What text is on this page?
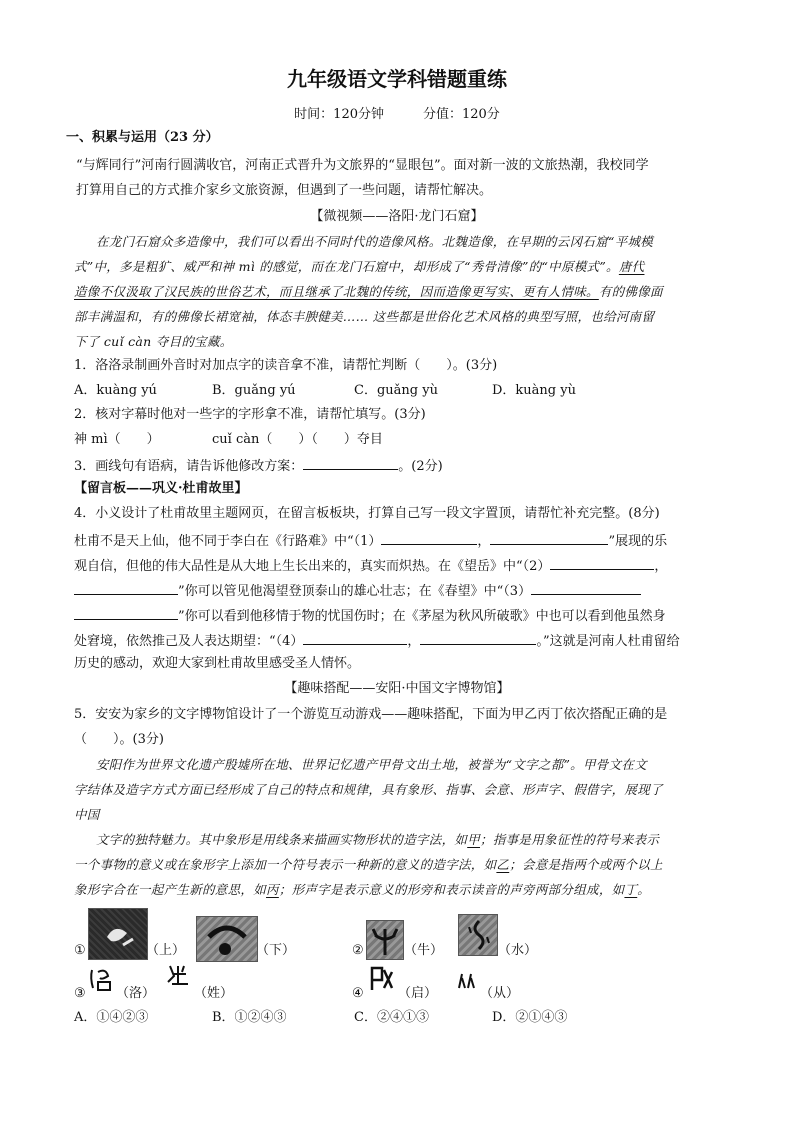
九年级语文学科错题重练
时间：120分钟　　　分值：120分
一、积累与运用（23 分）
“与辉同行”河南行圆满收官，河南正式晋升为文旅界的“显眼包”。面对新一波的文旅热潮，我校同学
打算用自己的方式推介家乡文旅资源，但遇到了一些问题，请帮忙解决。
【微视频——洛阳·龙门石窟】
在龙门石窟众多造像中，我们可以看出不同时代的造像风格。北魏造像，在早期的云冈石窟“平城模
式”中，多是粗犷、威严和神 mì 的感觉，而在龙门石窟中，却形成了“秀骨清像”的“中原模式”。唐代
造像不仅汲取了汉民族的世俗艺术，而且继承了北魏的传统，因而造像更写实、更有人情味。有的佛像面
部丰满温和，有的佛像长裙宽袖，体态丰腴健美…… 这些都是世俗化艺术风格的典型写照，也给河南留
下了 cuǐ càn 夺目的宝藏。
1．洛洛录制画外音时对加点字的读音拿不准，请帮忙判断（　　）。(3分)
A．kuàng yú	B．guǎng yú	C．guǎng yù	D．kuàng yù
2．核对字幕时他对一些字的字形拿不准，请帮忙填写。(3分)
神 mì（　　）	cuǐ càn（　　）（　　）夺目
3．画线句有语病，请告诉他修改方案：	。(2分)
【留言板——巩义·杜甫故里】
4．小义设计了杜甫故里主题网页，在留言板板块，打算自己写一段文字置顶，请帮忙补充完整。(8分)
杜甫不是天上仙，他不同于李白在《行路难》中“（1）	，	”展现的乐
观自信，但他的伟大品性是从大地上生长出来的，真实而炽热。在《望岳》中“（2）	，
”你可以管见他渴望登顶泰山的雄心壮志；在《春望》中“（3）
”你可以看到他移情于物的忧国伤时；在《茅屋为秋风所破歌》中也可以看到他虽然身
处窘境，依然推己及人表达期望：“（4）	，	。”这就是河南人杜甫留给
历史的感动，欢迎大家到杜甫故里感受圣人情怀。
【趣味搭配——安阳·中国文字博物馆】
5．安安为家乡的文字博物馆设计了一个游览互动游戏——趣味搭配，下面为甲乙丙丁依次搭配正确的是
（　　）。(3分)
安阳作为世界文化遗产殷墟所在地、世界记忆遗产甲骨文出土地，被誉为“文字之都”。甲骨文在文
字结体及造字方式方面已经形成了自己的特点和规律，具有象形、指事、会意、形声字、假借字，展现了
中国
文字的独特魅力。其中象形是用线条来描画实物形状的造字法，如甲；指事是用象征性的符号来表示
一个事物的意义或在象形字上添加一个符号表示一种新的意义的造字法，如乙；会意是指两个或两个以上
象形字合在一起产生新的意思，如丙；形声字是表示意义的形旁和表示读音的声旁两部分组成，如丁。
①	（上）	（下）	②	（牛）	（水）
③ （洛）	（姓）	④	（启）	（从）
A．①④②③	B．①②④③	C．②④①③	D．②①④③
